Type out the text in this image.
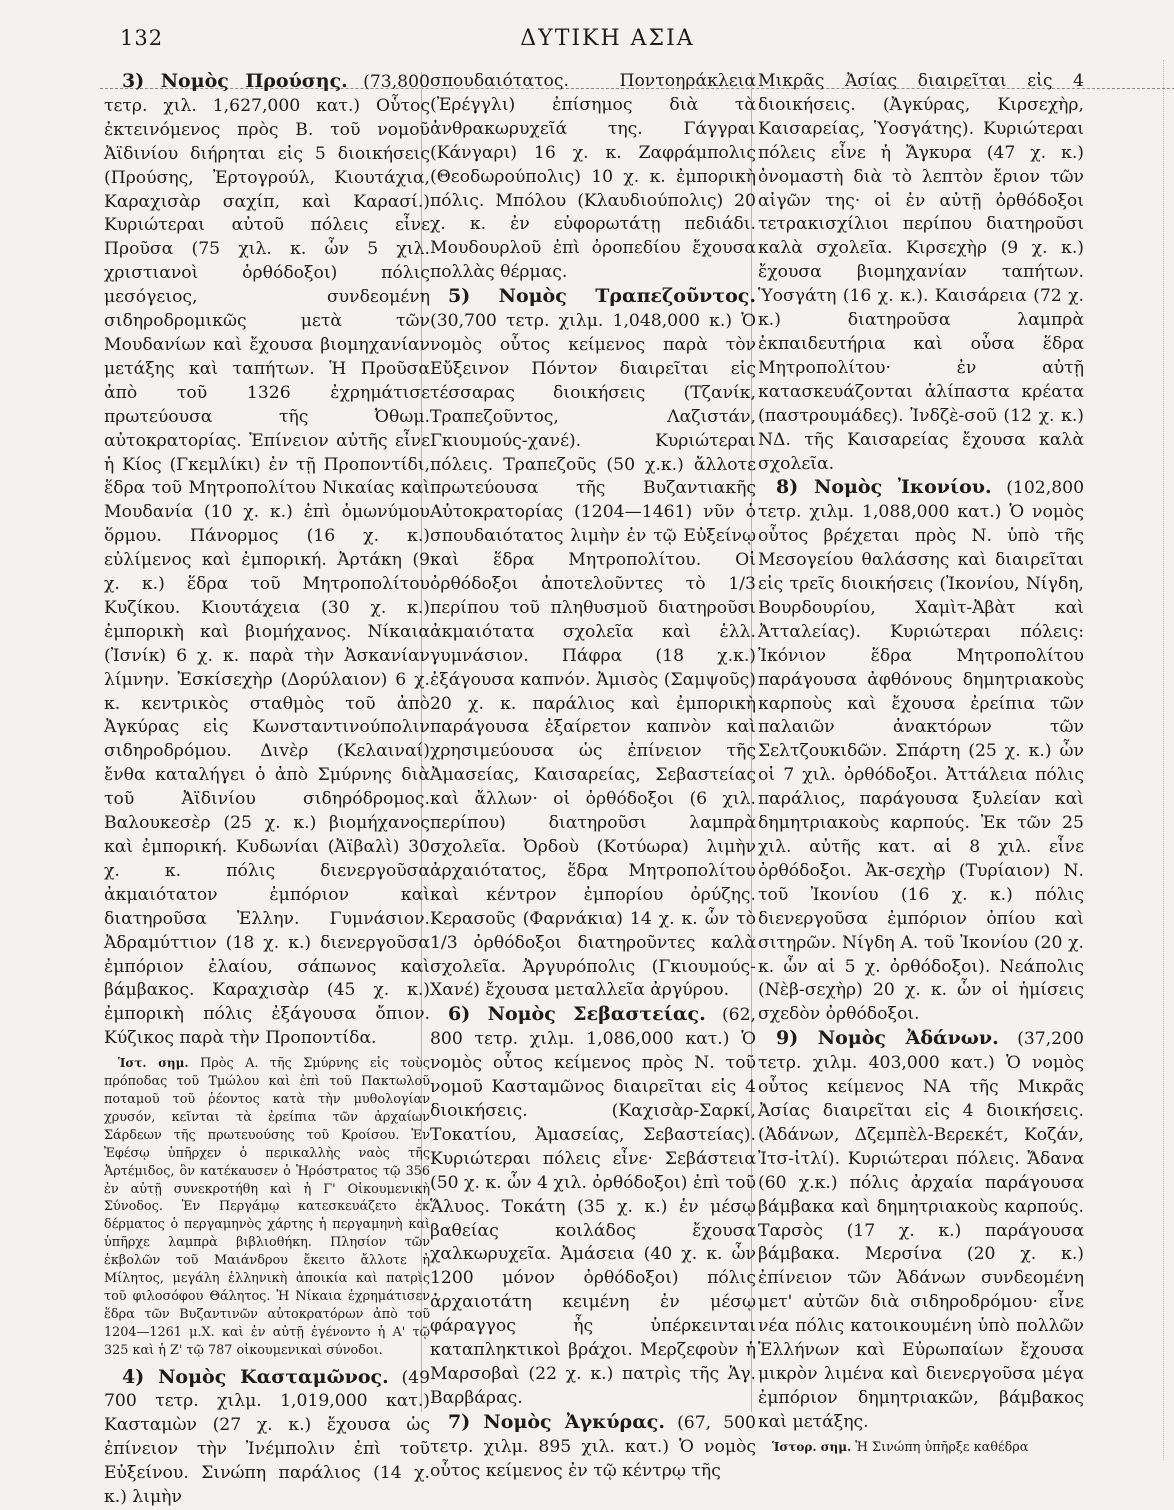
132	ΔΥΤΙΚΗ ΑΣΙΑ

3) Νομὸς Προύσης. (73,800 τετρ. χιλ. 1,627,000 κατ.) Οὗτος ἐκτεινόμενος πρὸς Β. τοῦ νομοῦ Ἀϊδινίου διήρηται εἰς 5 διοικήσεις (Προύσης, Ἐρτογρούλ, Κιουτάχια, Καραχισὰρ σαχίπ, καὶ Καρασί.) Κυριώτεραι αὐτοῦ πόλεις εἶνε Προῦσα (75 χιλ. κ. ὧν 5 χιλ. χριστιανοὶ ὀρθόδοξοι) πόλις μεσόγειος, συνδεομένη σιδηροδρομικῶς μετὰ τῶν Μουδανίων καὶ ἔχουσα βιομηχανίαν μετάξης καὶ ταπήτων. Ἡ Προῦσα ἀπὸ τοῦ 1326 ἐχρημάτισε πρωτεύουσα τῆς Ὀθωμ. αὐτοκρατορίας. Ἐπίνειον αὐτῆς εἶνε ἡ Κίος (Γκεμλίκι) ἐν τῇ Προποντίδι, ἕδρα τοῦ Μητροπολίτου Νικαίας καὶ Μουδανία (10 χ. κ.) ἐπὶ ὁμωνύμου ὅρμου. Πάνορμος (16 χ. κ.) εὐλίμενος καὶ ἐμπορική. Ἀρτάκη (9 χ. κ.) ἕδρα τοῦ Μητροπολίτου Κυζίκου. Κιουτάχεια (30 χ. κ.) ἐμπορικὴ καὶ βιομήχανος. Νίκαια (Ἰσνίκ) 6 χ. κ. παρὰ τὴν Ἀσκανίαν λίμνην. Ἐσκίσεχὴρ (Δορύλαιον) 6 χ. κ. κεντρικὸς σταθμὸς τοῦ ἀπὸ Ἀγκύρας εἰς Κωνσταντινούπολιν σιδηροδρόμου. Διvὲρ (Κελαιναί) ἔνθα καταλήγει ὁ ἀπὸ Σμύρνης διὰ τοῦ Ἀϊδινίου σιδηρόδρομος. Βαλουκεσὲρ (25 χ. κ.) βιομήχανος καὶ ἐμπορική. Κυδωνίαι (Ἀϊβαλὶ) 30 χ. κ. πόλις διενεργοῦσα ἀκμαιότατον ἐμπόριον καὶ διατηροῦσα Ἑλλην. Γυμνάσιον. Ἀδραμύττιον (18 χ. κ.) διενεργοῦσα ἐμπόριον ἐλαίου, σάπωνος καὶ βάμβακος. Καραχισὰρ (45 χ. κ.) ἐμπορικὴ πόλις ἐξάγουσα ὄπιον. Κύζικος παρὰ τὴν Προποντίδα.

Ἱστ. σημ. Πρὸς Α. τῆς Σμύρνης εἰς τοὺς πρόποδας τοῦ Τμώλου καὶ ἐπὶ τοῦ Πακτωλοῦ ποταμοῦ τοῦ ῥέοντος κατὰ τὴν μυθολογίαν χρυσόν, κεῖνται τὰ ἐρείπια τῶν ἀρχαίων Σάρδεων τῆς πρωτευούσης τοῦ Κροίσου. Ἐν Ἐφέσῳ ὑπῆρχεν ὁ περικαλλὴς ναὸς τῆς Ἀρτέμιδος, ὃν κατέκαυσεν ὁ Ἡρόστρατος τῷ 356 ἐν αὐτῇ συνεκροτήθη καὶ ἡ Γ' Οἰκουμενικὴ Σύνοδος. Ἐν Περγάμῳ κατεσκευάζετο ἐκ δέρματος ὁ περγαμηνὸς χάρτης ἡ περγαμηνὴ καὶ ὑπῆρχε λαμπρὰ βιβλιοθήκη. Πλησίον τῶν ἐκβολῶν τοῦ Μαιάνδρου ἔκειτο ἄλλοτε ἡ Μίλητος, μεγάλη ἑλληνικὴ ἀποικία καὶ πατρὶς τοῦ φιλοσόφου Θάλητος. Ἡ Νίκαια ἐχρημάτισεν ἕδρα τῶν Βυζαντινῶν αὐτοκρατόρων ἀπὸ τοῦ 1204—1261 μ.Χ. καὶ ἐν αὐτῇ ἐγένοντο ἡ Α' τῷ 325 καὶ ἡ Ζ' τῷ 787 οἰκουμενικαὶ σύνοδοι.

4) Νομὸς Κασταμῶνος. (49 700 τετρ. χιλμ. 1,019,000 κατ.) Κασταμὼν (27 χ. κ.) ἔχουσα ὡς ἐπίνειον τὴν Ἰνέμπολιν ἐπὶ τοῦ Εὐξείνου. Σινώπη παράλιος (14 χ. κ.) λιμὴν

σπουδαιότατος. Ποντοηράκλεια (Ἐρέγγλι) ἐπίσημος διὰ τὰ ἀνθρακωρυχεῖά της. Γάγγραι (Κάνγαρι) 16 χ. κ. Ζαφράμπολις (Θεοδωρούπολις) 10 χ. κ. ἐμπορικὴ πόλις. Μπόλου (Κλαυδιούπολις) 20 χ. κ. ἐν εὐφορωτάτῃ πεδιάδι. Μουδουρλοῦ ἐπὶ ὀροπεδίου ἔχουσα πολλὰς θέρμας.

5) Νομὸς Τραπεζοῦντος. (30,700 τετρ. χιλμ. 1,048,000 κ.) Ὁ νομὸς οὗτος κείμενος παρὰ τὸν Εὔξεινον Πόντον διαιρεῖται εἰς τέσσαρας διοικήσεις (Τζανίκ, Τραπεζοῦντος, Λαζιστάν, Γκιουμούς-χανέ). Κυριώτεραι πόλεις. Τραπεζοῦς (50 χ.κ.) ἄλλοτε πρωτεύουσα τῆς Βυζαντιακῆς Αὐτοκρατορίας (1204—1461) νῦν ὁ σπουδαιότατος λιμὴν ἐν τῷ Εὐξείνῳ καὶ ἕδρα Μητροπολίτου. Οἱ ὀρθόδοξοι ἀποτελοῦντες τὸ 1/3 περίπου τοῦ πληθυσμοῦ διατηροῦσι ἀκμαιότατα σχολεῖα καὶ ἑλλ. γυμνάσιον. Πάφρα (18 χ.κ.) ἐξάγουσα καπνόν. Ἀμισὸς (Σαμψοῦς) 20 χ. κ. παράλιος καὶ ἐμπορικὴ παράγουσα ἐξαίρετον καπνὸν καὶ χρησιμεύουσα ὡς ἐπίνειον τῆς Ἀμασείας, Καισαρείας, Σεβαστείας καὶ ἄλλων· οἱ ὀρθόδοξοι (6 χιλ. περίπου) διατηροῦσι λαμπρὰ σχολεῖα. Ὀρδοὺ (Κοτύωρα) λιμὴν ἀρχαιότατος, ἕδρα Μητροπολίτου καὶ κέντρον ἐμπορίου ὀρύζης. Κερασοῦς (Φαρνάκια) 14 χ. κ. ὧν τὸ 1/3 ὀρθόδοξοι διατηροῦντες καλὰ σχολεῖα. Ἀργυρόπολις (Γκιουμούς-Χανέ) ἔχουσα μεταλλεῖα ἀργύρου.

6) Νομὸς Σεβαστείας. (62, 800 τετρ. χιλμ. 1,086,000 κατ.) Ὁ νομὸς οὗτος κείμενος πρὸς Ν. τοῦ νομοῦ Κασταμῶνος διαιρεῖται εἰς 4 διοικήσεις. (Καχισὰρ-Σαρκί, Τοκατίου, Ἀμασείας, Σεβαστείας). Κυριώτεραι πόλεις εἶνε· Σεβάστεια (50 χ. κ. ὧν 4 χιλ. ὀρθόδοξοι) ἐπὶ τοῦ Ἅλυος. Τοκάτη (35 χ. κ.) ἐν μέσῳ βαθείας κοιλάδος ἔχουσα χαλκωρυχεῖα. Ἀμάσεια (40 χ. κ. ὧν 1200 μόνον ὀρθόδοξοι) πόλις ἀρχαιοτάτη κειμένη ἐν μέσῳ φάραγγος ἧς ὑπέρκεινται καταπληκτικοὶ βράχοι. Μερζεφοὺν ἡ Μαρσοβαὶ (22 χ. κ.) πατρὶς τῆς Ἁγ. Βαρβάρας.

7) Νομὸς Ἀγκύρας. (67, 500 τετρ. χιλμ. 895 χιλ. κατ.) Ὁ νομὸς οὗτος κείμενος ἐν τῷ κέντρῳ τῆς

Μικρᾶς Ἀσίας διαιρεῖται εἰς 4 διοικήσεις. (Ἀγκύρας, Κιρσεχὴρ, Καισαρείας, Ὑοσγάτης). Κυριώτεραι πόλεις εἶνε ἡ Ἄγκυρα (47 χ. κ.) ὀνομαστὴ διὰ τὸ λεπτὸν ἔριον τῶν αἰγῶν της· οἱ ἐν αὐτῇ ὀρθόδοξοι τετρακισχίλιοι περίπου διατηροῦσι καλὰ σχολεῖα. Κιρσεχὴρ (9 χ. κ.) ἔχουσα βιομηχανίαν ταπήτων. Ὑοσγάτη (16 χ. κ.). Καισάρεια (72 χ. κ.) διατηροῦσα λαμπρὰ ἐκπαιδευτήρια καὶ οὖσα ἕδρα Μητροπολίτου· ἐν αὐτῇ κατασκευάζονται ἁλίπαστα κρέατα (παστρουμάδες). Ἰνδζὲ-σοῦ (12 χ. κ.) ΝΔ. τῆς Καισαρείας ἔχουσα καλὰ σχολεῖα.

8) Νομὸς Ἰκονίου. (102,800 τετρ. χιλμ. 1,088,000 κατ.) Ὁ νομὸς οὗτος βρέχεται πρὸς Ν. ὑπὸ τῆς Μεσογείου θαλάσσης καὶ διαιρεῖται εἰς τρεῖς διοικήσεις (Ἰκονίου, Νίγδη, Βουρδουρίου, Χαμὶτ-Ἀβὰτ καὶ Ἀτταλείας). Κυριώτεραι πόλεις: Ἰκόνιον ἕδρα Μητροπολίτου παράγουσα ἀφθόνους δημητριακοὺς καρποὺς καὶ ἔχουσα ἐρείπια τῶν παλαιῶν ἀνακτόρων τῶν Σελτζουκιδῶν. Σπάρτη (25 χ. κ.) ὧν οἱ 7 χιλ. ὀρθόδοξοι. Ἀττάλεια πόλις παράλιος, παράγουσα ξυλείαν καὶ δημητριακοὺς καρπούς. Ἐκ τῶν 25 χιλ. αὐτῆς κατ. αἱ 8 χιλ. εἶνε ὀρθόδοξοι. Ἀκ-σεχὴρ (Τυρίαιον) Ν. τοῦ Ἰκονίου (16 χ. κ.) πόλις διενεργοῦσα ἐμπόριον ὀπίου καὶ σιτηρῶν. Νίγδη Α. τοῦ Ἰκονίου (20 χ. κ. ὧν αἱ 5 χ. ὀρθόδοξοι). Νεάπολις (Νὲβ-σεχὴρ) 20 χ. κ. ὧν οἱ ἡμίσεις σχεδὸν ὀρθόδοξοι.

9) Νομὸς Ἀδάνων. (37,200 τετρ. χιλμ. 403,000 κατ.) Ὁ νομὸς οὗτος κείμενος ΝΑ τῆς Μικρᾶς Ἀσίας διαιρεῖται εἰς 4 διοικήσεις. (Ἀδάνων, Δζεμπὲλ-Βερεκέτ, Κοζάν, Ἰτσ-ἰτλί). Κυριώτεραι πόλεις. Ἄδανα (60 χ.κ.) πόλις ἀρχαία παράγουσα βάμβακα καὶ δημητριακοὺς καρπούς. Ταρσὸς (17 χ. κ.) παράγουσα βάμβακα. Μερσίνα (20 χ. κ.) ἐπίνειον τῶν Ἀδάνων συνδεομένη μετ' αὐτῶν διὰ σιδηροδρόμου· εἶνε νέα πόλις κατοικουμένη ὑπὸ πολλῶν Ἑλλήνων καὶ Εὐρωπαίων ἔχουσα μικρὸν λιμένα καὶ διενεργοῦσα μέγα ἐμπόριον δημητριακῶν, βάμβακος καὶ μετάξης.

Ἱστορ. σημ. Ἡ Σινώπη ὑπῆρξε καθέδρα
